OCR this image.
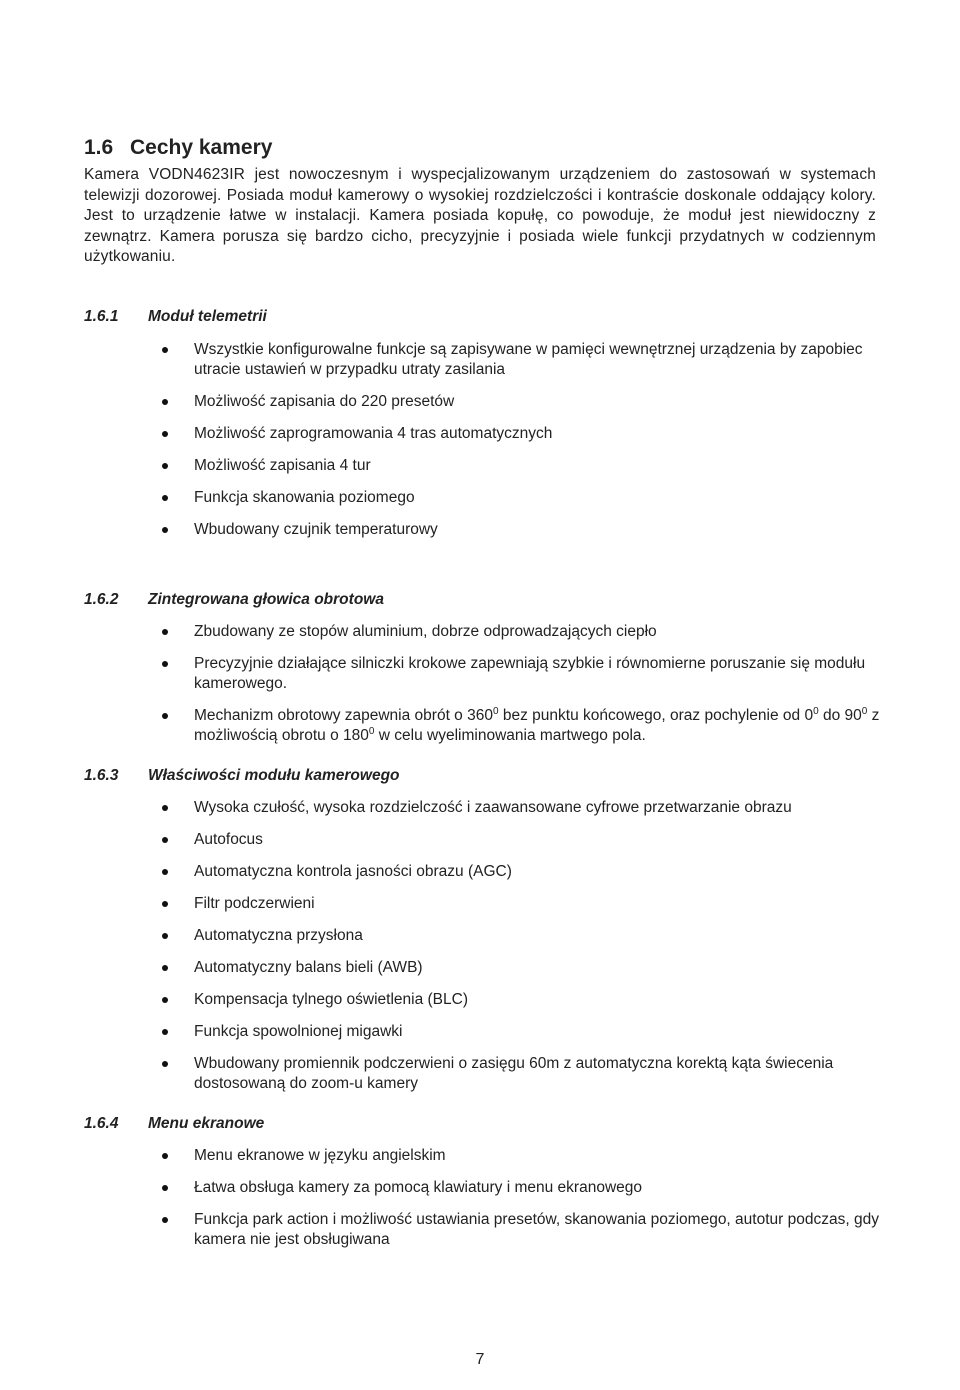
1.6 Cechy kamery

Kamera VODN4623IR jest nowoczesnym i wyspecjalizowanym urządzeniem do zastosowań w systemach telewizji dozorowej. Posiada moduł kamerowy o wysokiej rozdzielczości i kontraście doskonale oddający kolory. Jest to urządzenie łatwe w instalacji. Kamera posiada kopułę, co powoduje, że moduł jest niewidoczny z zewnątrz. Kamera porusza się bardzo cicho, precyzyjnie i posiada wiele funkcji przydatnych w codziennym użytkowaniu.

1.6.1 Moduł telemetrii
Wszystkie konfigurowalne funkcje są zapisywane w pamięci wewnętrznej urządzenia by zapobiec utracie ustawień w przypadku utraty zasilania
Możliwość zapisania do 220 presetów
Możliwość zaprogramowania 4 tras automatycznych
Możliwość zapisania 4 tur
Funkcja skanowania poziomego
Wbudowany czujnik temperaturowy
1.6.2 Zintegrowana głowica obrotowa
Zbudowany ze stopów aluminium, dobrze odprowadzających ciepło
Precyzyjnie działające silniczki krokowe zapewniają szybkie i równomierne poruszanie się modułu kamerowego.
Mechanizm obrotowy zapewnia obrót o $360^0$ bez punktu końcowego, oraz pochylenie od $0^0$ do $90^0$ z możliwością obrotu o $180^0$ w celu wyeliminowania martwego pola.
1.6.3 Właściwości modułu kamerowego
Wysoka czułość, wysoka rozdzielczość i zaawansowane cyfrowe przetwarzanie obrazu
Autofocus
Automatyczna kontrola jasności obrazu (AGC)
Filtr podczerwieni
Automatyczna przysłona
Automatyczny balans bieli (AWB)
Kompensacja tylnego oświetlenia (BLC)
Funkcja spowolnionej migawki
Wbudowany promiennik podczerwieni o zasięgu 60m z automatyczna korektą kąta świecenia dostosowaną do zoom-u kamery
1.6.4 Menu ekranowe
Menu ekranowe w języku angielskim
Łatwa obsługa kamery za pomocą klawiatury i menu ekranowego
Funkcja park action i możliwość ustawiania presetów, skanowania poziomego, autotur podczas, gdy kamera nie jest obsługiwana
7
